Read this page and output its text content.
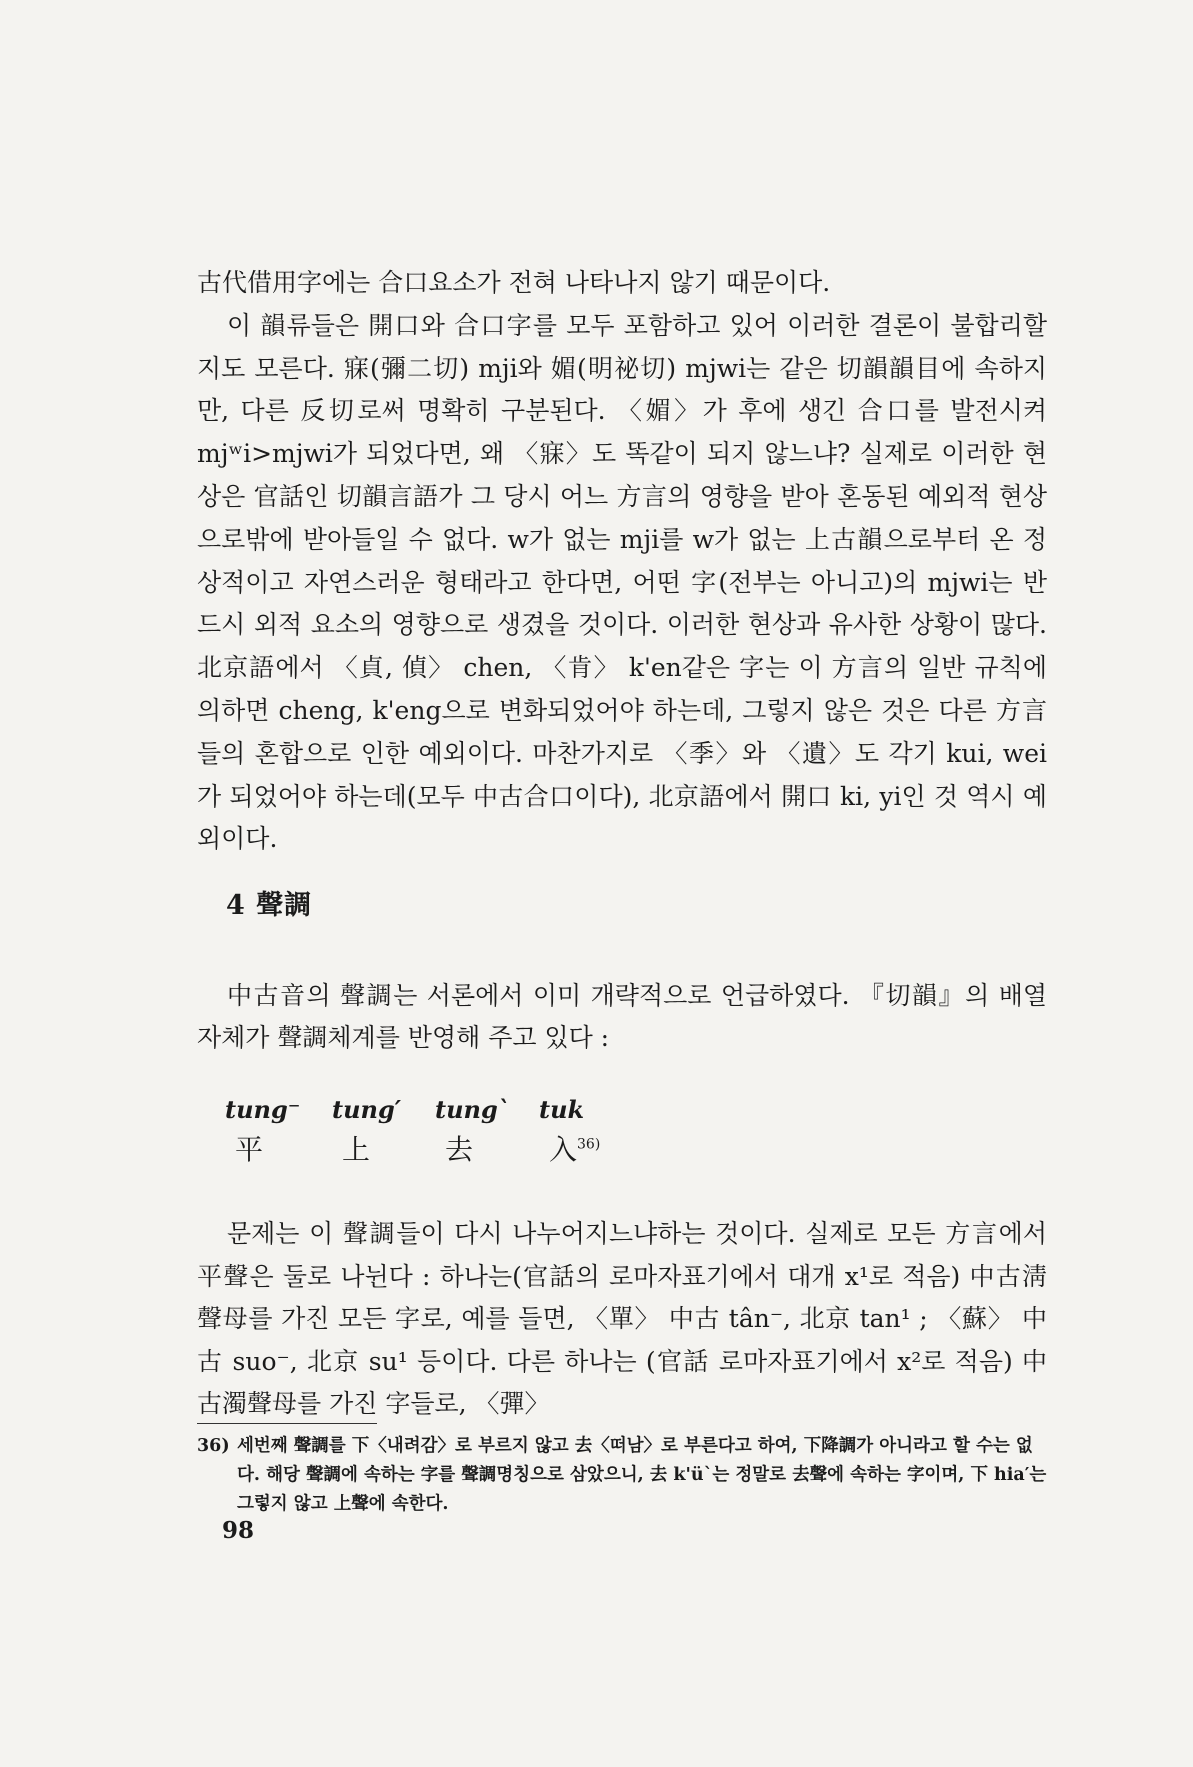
古代借用字에는 合口요소가 전혀 나타나지 않기 때문이다.

이 韻류들은 開口와 合口字를 모두 포함하고 있어 이러한 결론이 불합리할지도 모른다. 寐(彌二切) mji와 媚(明祕切) mjwi는 같은 切韻韻目에 속하지만, 다른 反切로써 명확히 구분된다. 〈媚〉가 후에 생긴 合口를 발전시켜 mjʷi>mjwi가 되었다면, 왜 〈寐〉도 똑같이 되지 않느냐? 실제로 이러한 현상은 官話인 切韻言語가 그 당시 어느 方言의 영향을 받아 혼동된 예외적 현상으로밖에 받아들일 수 없다. w가 없는 mji를 w가 없는 上古韻으로부터 온 정상적이고 자연스러운 형태라고 한다면, 어떤 字(전부는 아니고)의 mjwi는 반드시 외적 요소의 영향으로 생겼을 것이다. 이러한 현상과 유사한 상황이 많다. 北京語에서 〈貞, 偵〉 chen, 〈肯〉 k'en같은 字는 이 方言의 일반 규칙에 의하면 cheng, k'eng으로 변화되었어야 하는데, 그렇지 않은 것은 다른 方言들의 혼합으로 인한 예외이다. 마찬가지로 〈季〉와 〈遺〉도 각기 kui, wei가 되었어야 하는데(모두 中古合口이다), 北京語에서 開口 ki, yi인 것 역시 예외이다.

4 聲調

中古音의 聲調는 서론에서 이미 개략적으로 언급하였다. 『切韻』의 배열 자체가 聲調체계를 반영해 주고 있다 :

tung⁻
平
tung′
上
tung`
去
tuk
入$^{36)}$

문제는 이 聲調들이 다시 나누어지느냐하는 것이다. 실제로 모든 方言에서 平聲은 둘로 나뉜다 : 하나는(官話의 로마자표기에서 대개 x¹로 적음) 中古淸聲母를 가진 모든 字로, 예를 들면, 〈單〉 中古 tân⁻, 北京 tan¹ ; 〈蘇〉 中古 suo⁻, 北京 su¹ 등이다. 다른 하나는 (官話 로마자표기에서 x²로 적음) 中古濁聲母를 가진 字들로, 〈彈〉

36) 세번째 聲調를 下〈내려감〉로 부르지 않고 去〈떠남〉로 부른다고 하여, 下降調가 아니라고 할 수는 없다. 해당 聲調에 속하는 字를 聲調명칭으로 삼았으니, 去 k'ü`는 정말로 去聲에 속하는 字이며, 下 hia′는 그렇지 않고 上聲에 속한다.
98
